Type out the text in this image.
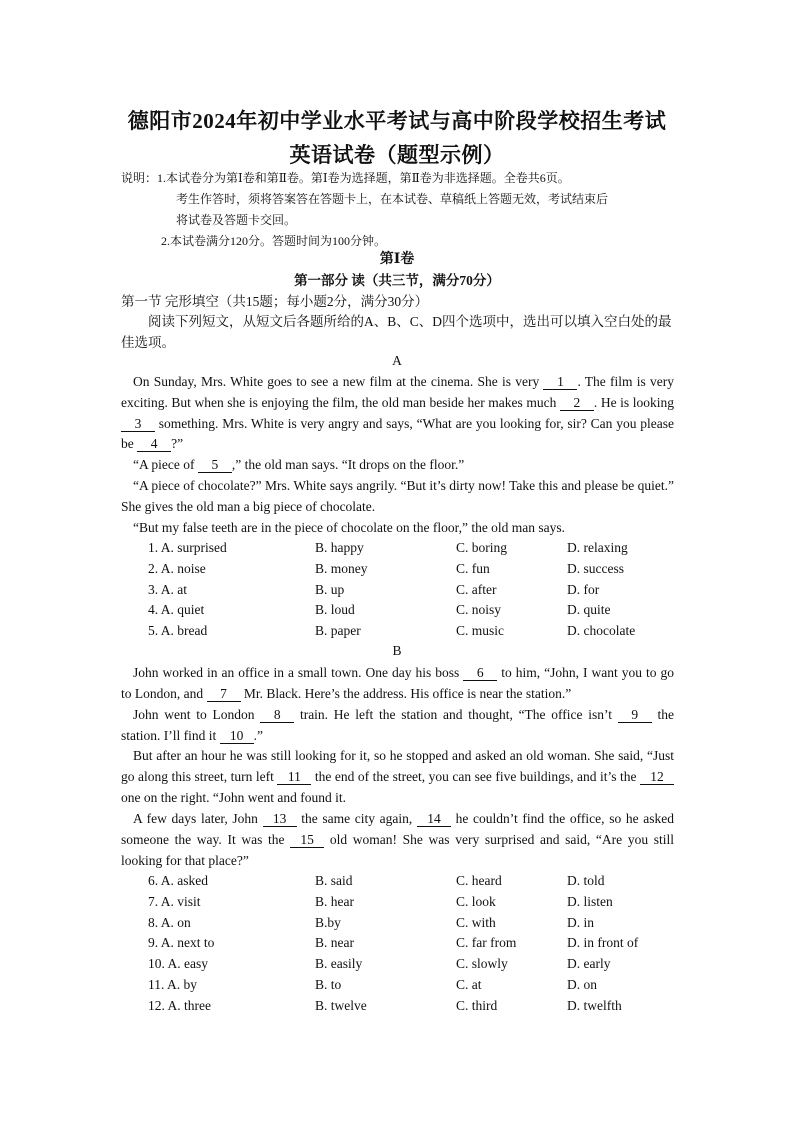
德阳市2024年初中学业水平考试与高中阶段学校招生考试
英语试卷（题型示例）
说明：1.本试卷分为第Ⅰ卷和第Ⅱ卷。第Ⅰ卷为选择题，第Ⅱ卷为非选择题。全卷共6页。
考生作答时，须将答案答在答题卡上，在本试卷、草稿纸上答题无效，考试结束后
将试卷及答题卡交回。
2.本试卷满分120分。答题时间为100分钟。
第Ⅰ卷
第一部分 读（共三节，满分70分）
第一节 完形填空（共15题；每小题2分，满分30分）
阅读下列短文，从短文后各题所给的A、B、C、D四个选项中，选出可以填入空白处的最佳选项。
A
On Sunday, Mrs. White goes to see a new film at the cinema. She is very 1 . The film is very exciting. But when she is enjoying the film, the old man beside her makes much 2 . He is looking 3 something. Mrs. White is very angry and says, “What are you looking for, sir? Can you please be 4 ?”
“A piece of 5 ,” the old man says. “It drops on the floor.”
“A piece of chocolate?” Mrs. White says angrily. “But it’s dirty now! Take this and please be quiet.” She gives the old man a big piece of chocolate.
“But my false teeth are in the piece of chocolate on the floor,” the old man says.
1. A. surprised	B. happy	C. boring	D. relaxing
2. A. noise	B. money	C. fun	D. success
3. A. at	B. up	C. after	D. for
4. A. quiet	B. loud	C. noisy	D. quite
5. A. bread	B. paper	C. music	D. chocolate
B
John worked in an office in a small town. One day his boss 6 to him, “John, I want you to go to London, and 7 Mr. Black. Here’s the address. His office is near the station.”
John went to London 8 train. He left the station and thought, “The office isn’t 9 the station. I’ll find it 10 .”
But after an hour he was still looking for it, so he stopped and asked an old woman. She said, “Just go along this street, turn left 11 the end of the street, you can see five buildings, and it’s the 12 one on the right. “John went and found it.
A few days later, John 13 the same city again, 14 he couldn’t find the office, so he asked someone the way. It was the 15 old woman! She was very surprised and said, “Are you still looking for that place?”
6. A. asked	B. said	C. heard	D. told
7. A. visit	B. hear	C. look	D. listen
8. A. on	B.by	C. with	D. in
9. A. next to	B. near	C. far from	D. in front of
10. A. easy	B. easily	C. slowly	D. early
11. A. by	B. to	C. at	D. on
12. A. three	B. twelve	C. third	D. twelfth
